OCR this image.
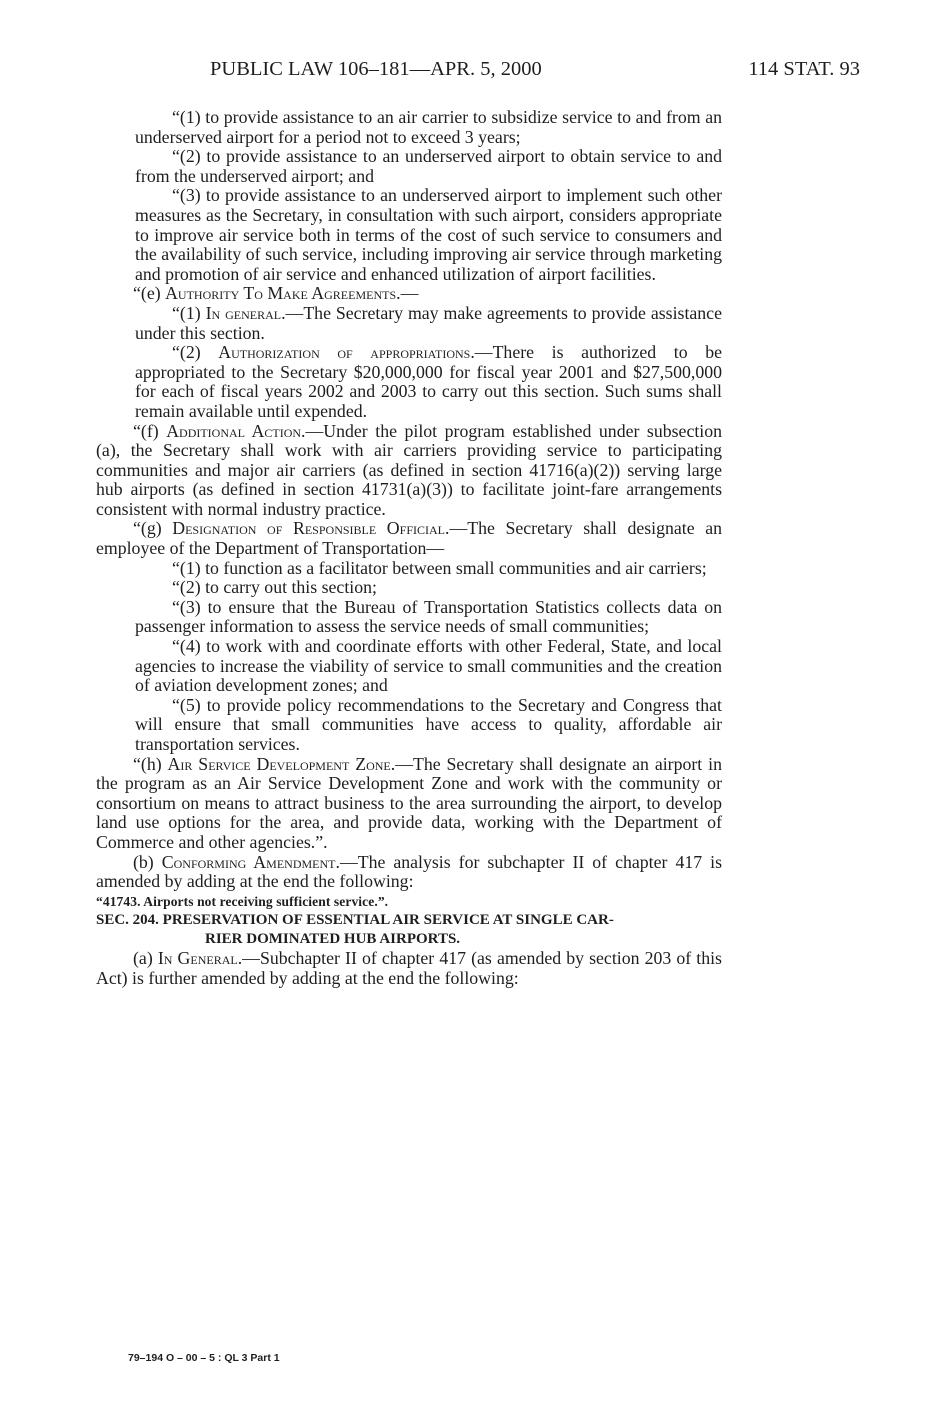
PUBLIC LAW 106–181—APR. 5, 2000	114 STAT. 93

“(1) to provide assistance to an air carrier to subsidize service to and from an underserved airport for a period not to exceed 3 years;

“(2) to provide assistance to an underserved airport to obtain service to and from the underserved airport; and

“(3) to provide assistance to an underserved airport to implement such other measures as the Secretary, in consultation with such airport, considers appropriate to improve air service both in terms of the cost of such service to consumers and the availability of such service, including improving air service through marketing and promotion of air service and enhanced utilization of airport facilities.

“(e) Authority To Make Agreements.—

“(1) In general.—The Secretary may make agreements to provide assistance under this section.

“(2) Authorization of appropriations.—There is authorized to be appropriated to the Secretary $20,000,000 for fiscal year 2001 and $27,500,000 for each of fiscal years 2002 and 2003 to carry out this section. Such sums shall remain available until expended.

“(f) Additional Action.—Under the pilot program established under subsection (a), the Secretary shall work with air carriers providing service to participating communities and major air carriers (as defined in section 41716(a)(2)) serving large hub airports (as defined in section 41731(a)(3)) to facilitate joint-fare arrangements consistent with normal industry practice.

“(g) Designation of Responsible Official.—The Secretary shall designate an employee of the Department of Transportation—

“(1) to function as a facilitator between small communities and air carriers;

“(2) to carry out this section;

“(3) to ensure that the Bureau of Transportation Statistics collects data on passenger information to assess the service needs of small communities;

“(4) to work with and coordinate efforts with other Federal, State, and local agencies to increase the viability of service to small communities and the creation of aviation development zones; and

“(5) to provide policy recommendations to the Secretary and Congress that will ensure that small communities have access to quality, affordable air transportation services.

“(h) Air Service Development Zone.—The Secretary shall designate an airport in the program as an Air Service Development Zone and work with the community or consortium on means to attract business to the area surrounding the airport, to develop land use options for the area, and provide data, working with the Department of Commerce and other agencies.”.

(b) Conforming Amendment.—The analysis for subchapter II of chapter 417 is amended by adding at the end the following:

“41743. Airports not receiving sufficient service.”.

SEC. 204. PRESERVATION OF ESSENTIAL AIR SERVICE AT SINGLE CAR-
RIER DOMINATED HUB AIRPORTS.

(a) In General.—Subchapter II of chapter 417 (as amended by section 203 of this Act) is further amended by adding at the end the following:

79–194 O – 00 – 5 : QL 3 Part 1
